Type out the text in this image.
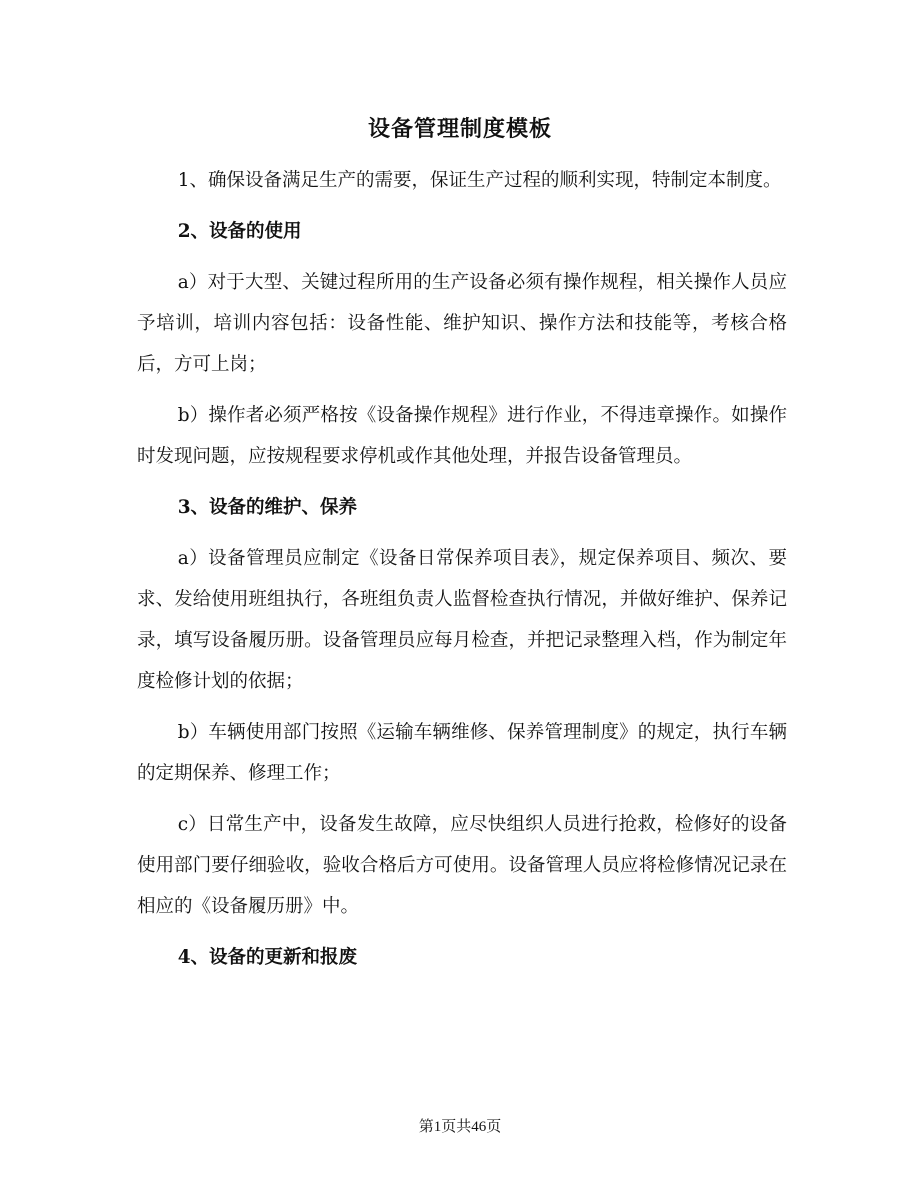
设备管理制度模板

1、确保设备满足生产的需要，保证生产过程的顺利实现，特制定本制度。

2、设备的使用

a）对于大型、关键过程所用的生产设备必须有操作规程，相关操作人员应予培训，培训内容包括：设备性能、维护知识、操作方法和技能等，考核合格后，方可上岗；

b）操作者必须严格按《设备操作规程》进行作业，不得违章操作。如操作时发现问题，应按规程要求停机或作其他处理，并报告设备管理员。

3、设备的维护、保养

a）设备管理员应制定《设备日常保养项目表》，规定保养项目、频次、要求、发给使用班组执行，各班组负责人监督检查执行情况，并做好维护、保养记录，填写设备履历册。设备管理员应每月检查，并把记录整理入档，作为制定年度检修计划的依据；

b）车辆使用部门按照《运输车辆维修、保养管理制度》的规定，执行车辆的定期保养、修理工作；

c）日常生产中，设备发生故障，应尽快组织人员进行抢救，检修好的设备使用部门要仔细验收，验收合格后方可使用。设备管理人员应将检修情况记录在相应的《设备履历册》中。

4、设备的更新和报废

第1页共46页
